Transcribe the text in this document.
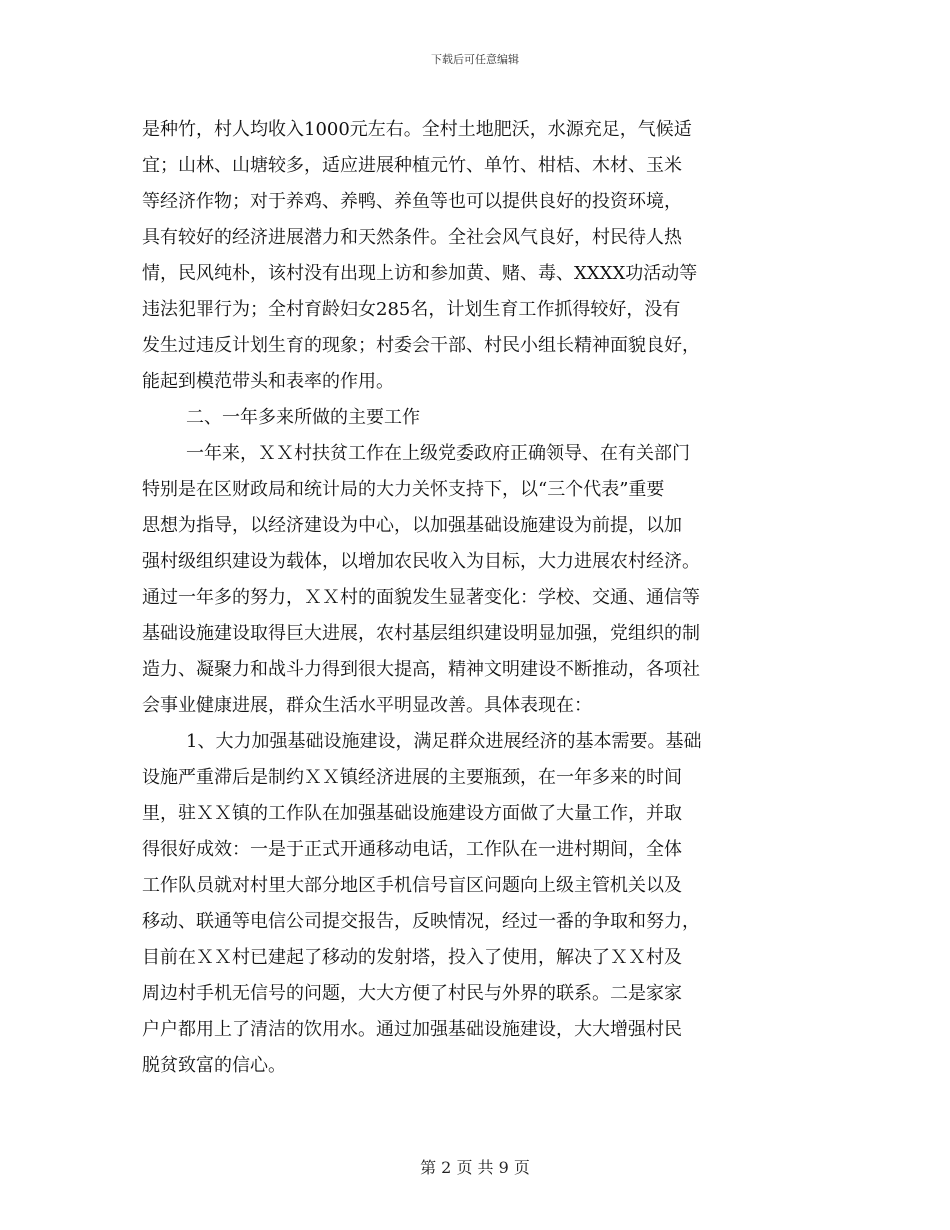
下载后可任意编辑
是种竹，村人均收入1000元左右。全村土地肥沃，水源充足，气候适
宜；山林、山塘较多，适应进展种植元竹、单竹、柑桔、木材、玉米
等经济作物；对于养鸡、养鸭、养鱼等也可以提供良好的投资环境，
具有较好的经济进展潜力和天然条件。全社会风气良好，村民待人热
情，民风纯朴，该村没有出现上访和参加黄、赌、毒、XXXX功活动等
违法犯罪行为；全村育龄妇女285名，计划生育工作抓得较好，没有
发生过违反计划生育的现象；村委会干部、村民小组长精神面貌良好，
能起到模范带头和表率的作用。
二、一年多来所做的主要工作
一年来，ＸＸ村扶贫工作在上级党委政府正确领导、在有关部门
特别是在区财政局和统计局的大力关怀支持下，以“三个代表”重要
思想为指导，以经济建设为中心，以加强基础设施建设为前提，以加
强村级组织建设为载体，以增加农民收入为目标，大力进展农村经济。
通过一年多的努力，ＸＸ村的面貌发生显著变化：学校、交通、通信等
基础设施建设取得巨大进展，农村基层组织建设明显加强，党组织的制
造力、凝聚力和战斗力得到很大提高，精神文明建设不断推动，各项社
会事业健康进展，群众生活水平明显改善。具体表现在：
1、大力加强基础设施建设，满足群众进展经济的基本需要。基础
设施严重滞后是制约ＸＸ镇经济进展的主要瓶颈，在一年多来的时间
里，驻ＸＸ镇的工作队在加强基础设施建设方面做了大量工作，并取
得很好成效：一是于正式开通移动电话，工作队在一进村期间，全体
工作队员就对村里大部分地区手机信号盲区问题向上级主管机关以及
移动、联通等电信公司提交报告，反映情况，经过一番的争取和努力，
目前在ＸＸ村已建起了移动的发射塔，投入了使用，解决了ＸＸ村及
周边村手机无信号的问题，大大方便了村民与外界的联系。二是家家
户户都用上了清洁的饮用水。通过加强基础设施建设，大大增强村民
脱贫致富的信心。
第 2 页 共 9 页
